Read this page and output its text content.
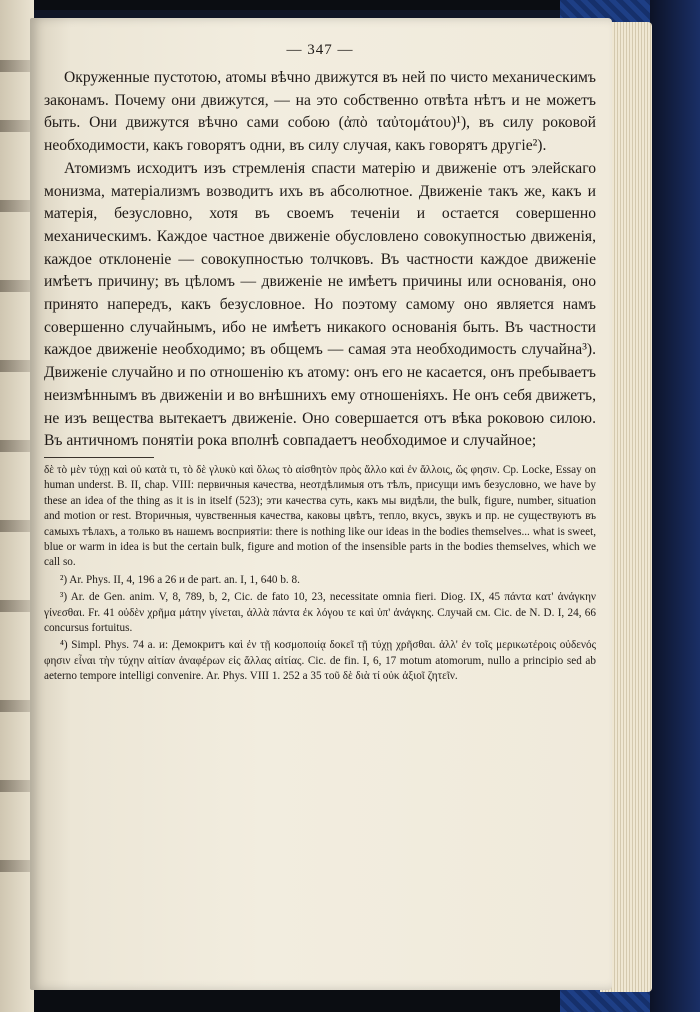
— 347 —

Окруженные пустотою, атомы вѣчно движутся въ ней по чисто механическимъ законамъ. Почему они движутся, — на это собственно отвѣта нѣтъ и не можетъ быть. Они движутся вѣчно сами собою (ἀπὸ ταὐτομάτου)¹), въ силу роковой необходимости, какъ говорятъ одни, въ силу случая, какъ говорятъ другіе²).

Атомизмъ исходитъ изъ стремленія спасти матерію и движеніе отъ элейскаго монизма, матеріализмъ возводитъ ихъ въ абсолютное. Движеніе такъ же, какъ и матерія, безусловно, хотя въ своемъ теченіи и остается совершенно механическимъ. Каждое частное движеніе обусловлено совокупностью движенія, каждое отклоненіе — совокупностью толчковъ. Въ частности каждое движеніе имѣетъ причину; въ цѣломъ — движеніе не имѣетъ причины или основанія, оно принято напередъ, какъ безусловное. Но поэтому самому оно является намъ совершенно случайнымъ, ибо не имѣетъ никакого основанія быть. Въ частности каждое движеніе необходимо; въ общемъ — самая эта необходимость случайна³). Движеніе случайно и по отношенію къ атому: онъ его не касается, онъ пребываетъ неизмѣннымъ въ движеніи и во внѣшнихъ ему отношеніяхъ. Не онъ себя движетъ, не изъ вещества вытекаетъ движеніе. Оно совершается отъ вѣка роковою силою. Въ античномъ понятіи рока вполнѣ совпадаетъ необходимое и случайное;

δὲ τὸ μὲν τύχῃ καὶ οὐ κατὰ τι, τὸ δὲ γλυκὺ καὶ ὅλως τὸ αἰσθητὸν πρὸς ἄλλο καὶ ἐν ἄλλοις, ὥς φησιν. Cp. Locke, Essay on human underst. B. II, chap. VIII: первичныя качества, неотдѣлимыя отъ тѣлъ, присущи имъ безусловно, we have by these an idea of the thing as it is in itself (523); эти качества суть, какъ мы видѣли, the bulk, figure, number, situation and motion or rest. Вторичныя, чувственныя качества, каковы цвѣтъ, тепло, вкусъ, звукъ и пр. не существуютъ въ самыхъ тѣлахъ, а только въ нашемъ восприятіи: there is nothing like our ideas in the bodies themselves... what is sweet, blue or warm in idea is but the certain bulk, figure and motion of the insensible parts in the bodies themselves, which we call so.

²) Ar. Phys. II, 4, 196 a 26 и de part. an. I, 1, 640 b. 8.

³) Ar. de Gen. anim. V, 8, 789, b, 2, Cic. de fato 10, 23, necessitate omnia fieri. Diog. IX, 45 πάντα κατ' ἀνάγκην γίνεσθαι. Fr. 41 οὐδὲν χρῆμα μάτην γίνεται, ἀλλὰ πάντα ἐκ λόγου τε καὶ ὑπ' ἀνάγκης. Случай см. Cic. de N. D. I, 24, 66 concursus fortuitus.

⁴) Simpl. Phys. 74 a. и: Демокритъ καὶ ἐν τῇ κοσμοποιίᾳ δοκεῖ τῇ τύχῃ χρῆσθαι. ἀλλ' ἐν τοῖς μερικωτέροις οὐδενός φησιν εἶναι τὴν τύχην αἰτίαν ἀναφέρων εἰς ἄλλας αἰτίας. Cic. de fin. I, 6, 17 motum atomorum, nullo a principio sed ab aeterno tempore intelligi convenire. Ar. Phys. VIII 1. 252 a 35 τοῦ δὲ διὰ τί οὐκ ἀξιοῖ ζητεῖν.
